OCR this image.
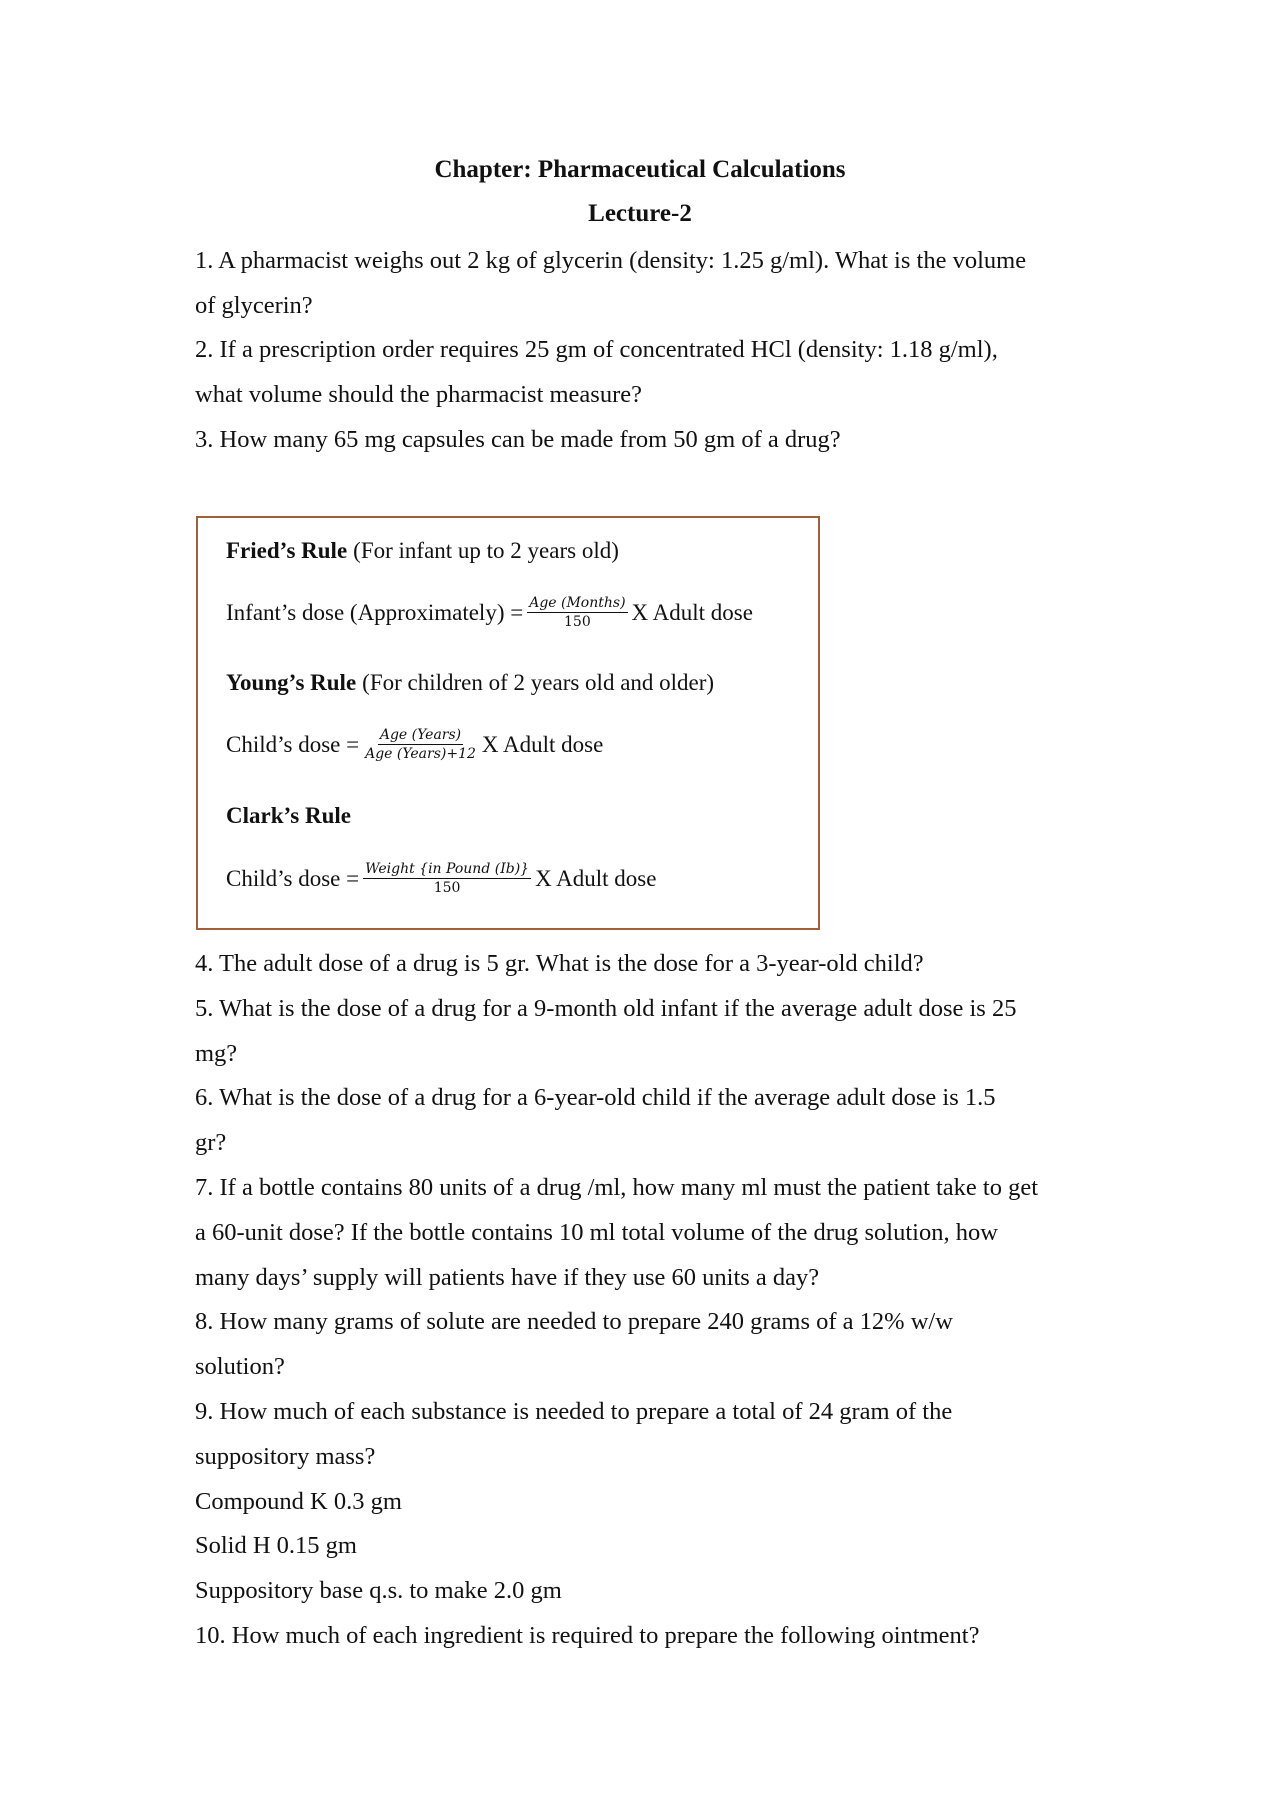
Chapter: Pharmaceutical Calculations
Lecture-2
1. A pharmacist weighs out 2 kg of glycerin (density: 1.25 g/ml). What is the volume
of glycerin?
2. If a prescription order requires 25 gm of concentrated HCl (density: 1.18 g/ml),
what volume should the pharmacist measure?
3. How many 65 mg capsules can be made from 50 gm of a drug?
Fried’s Rule (For infant up to 2 years old)
Infant’s dose (Approximately) = $\frac{\text{Age (Months)}}{150}$ X Adult dose
Young’s Rule (For children of 2 years old and older)
Child’s dose = $\frac{\text{Age (Years)}}{\text{Age (Years)+12}}$ X Adult dose
Clark’s Rule
Child’s dose = $\frac{\text{Weight \{in Pound (Ib)\}}}{150}$ X Adult dose
4. The adult dose of a drug is 5 gr. What is the dose for a 3-year-old child?
5. What is the dose of a drug for a 9-month old infant if the average adult dose is 25
mg?
6. What is the dose of a drug for a 6-year-old child if the average adult dose is 1.5
gr?
7. If a bottle contains 80 units of a drug /ml, how many ml must the patient take to get
a 60-unit dose? If the bottle contains 10 ml total volume of the drug solution, how
many days’ supply will patients have if they use 60 units a day?
8. How many grams of solute are needed to prepare 240 grams of a 12% w/w
solution?
9. How much of each substance is needed to prepare a total of 24 gram of the
suppository mass?
Compound K 0.3 gm
Solid H 0.15 gm
Suppository base q.s. to make 2.0 gm
10. How much of each ingredient is required to prepare the following ointment?
